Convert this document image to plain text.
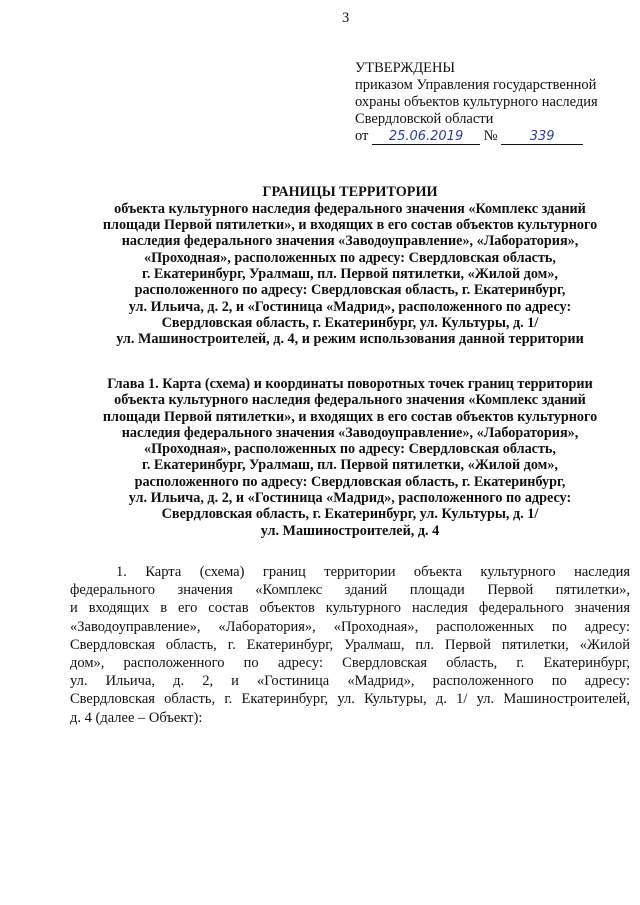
3
УТВЕРЖДЕНЫ
приказом Управления государственной
охраны объектов культурного наследия
Свердловской области
от 25.06.2019 № 339
ГРАНИЦЫ ТЕРРИТОРИИ
объекта культурного наследия федерального значения «Комплекс зданий
площади Первой пятилетки», и входящих в его состав объектов культурного
наследия федерального значения «Заводоуправление», «Лаборатория»,
«Проходная», расположенных по адресу: Свердловская область,
г. Екатеринбург, Уралмаш, пл. Первой пятилетки, «Жилой дом»,
расположенного по адресу: Свердловская область, г. Екатеринбург,
ул. Ильича, д. 2, и «Гостиница «Мадрид», расположенного по адресу:
Свердловская область, г. Екатеринбург, ул. Культуры, д. 1/
ул. Машиностроителей, д. 4, и режим использования данной территории
Глава 1. Карта (схема) и координаты поворотных точек границ территории
объекта культурного наследия федерального значения «Комплекс зданий
площади Первой пятилетки», и входящих в его состав объектов культурного
наследия федерального значения «Заводоуправление», «Лаборатория»,
«Проходная», расположенных по адресу: Свердловская область,
г. Екатеринбург, Уралмаш, пл. Первой пятилетки, «Жилой дом»,
расположенного по адресу: Свердловская область, г. Екатеринбург,
ул. Ильича, д. 2, и «Гостиница «Мадрид», расположенного по адресу:
Свердловская область, г. Екатеринбург, ул. Культуры, д. 1/
ул. Машиностроителей, д. 4
1. Карта (схема) границ территории объекта культурного наследия
федерального значения «Комплекс зданий площади Первой пятилетки»,
и входящих в его состав объектов культурного наследия федерального значения
«Заводоуправление», «Лаборатория», «Проходная», расположенных по адресу:
Свердловская область, г. Екатеринбург, Уралмаш, пл. Первой пятилетки, «Жилой
дом», расположенного по адресу: Свердловская область, г. Екатеринбург,
ул. Ильича, д. 2, и «Гостиница «Мадрид», расположенного по адресу:
Свердловская область, г. Екатеринбург, ул. Культуры, д. 1/ ул. Машиностроителей,
д. 4 (далее – Объект):
